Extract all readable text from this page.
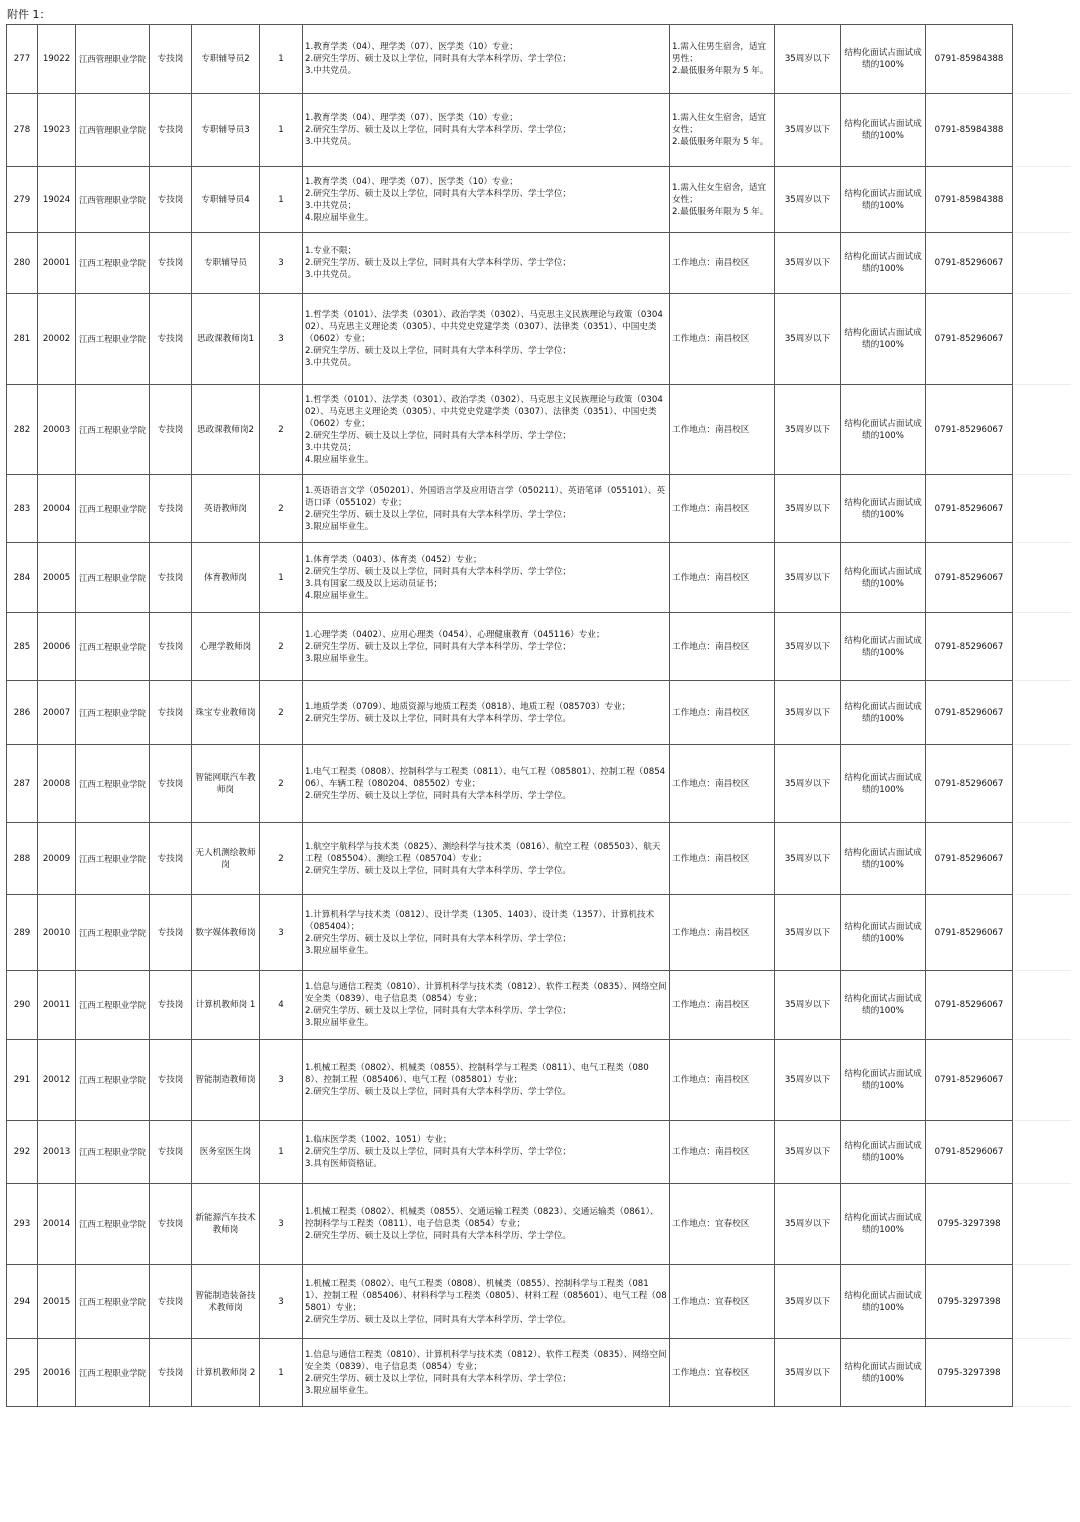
附件 1：
277	19022	江西管理职业学院	专技岗	专职辅导员2	1	1.教育学类（04）、理学类（07）、医学类（10）专业；
2.研究生学历、硕士及以上学位，同时具有大学本科学历、学士学位；
3.中共党员。	1.需入住男生宿舍，适宜男性；
2.最低服务年限为 5 年。	35周岁以下	结构化面试占面试成绩的100%	0791-85984388
278	19023	江西管理职业学院	专技岗	专职辅导员3	1	1.教育学类（04）、理学类（07）、医学类（10）专业；
2.研究生学历、硕士及以上学位，同时具有大学本科学历、学士学位；
3.中共党员。	1.需入住女生宿舍，适宜女性；
2.最低服务年限为 5 年。	35周岁以下	结构化面试占面试成绩的100%	0791-85984388
279	19024	江西管理职业学院	专技岗	专职辅导员4	1	1.教育学类（04）、理学类（07）、医学类（10）专业；
2.研究生学历、硕士及以上学位，同时具有大学本科学历、学士学位；
3.中共党员；
4.限应届毕业生。	1.需入住女生宿舍，适宜女性；
2.最低服务年限为 5 年。	35周岁以下	结构化面试占面试成绩的100%	0791-85984388
280	20001	江西工程职业学院	专技岗	专职辅导员	3	1.专业不限；
2.研究生学历、硕士及以上学位，同时具有大学本科学历、学士学位；
3.中共党员。	工作地点：南昌校区	35周岁以下	结构化面试占面试成绩的100%	0791-85296067
281	20002	江西工程职业学院	专技岗	思政课教师岗1	3	1.哲学类（0101）、法学类（0301）、政治学类（0302）、马克思主义民族理论与政策（030402）、马克思主义理论类（0305）、中共党史党建学类（0307）、法律类（0351）、中国史类（0602）专业；
2.研究生学历、硕士及以上学位，同时具有大学本科学历、学士学位；
3.中共党员。	工作地点：南昌校区	35周岁以下	结构化面试占面试成绩的100%	0791-85296067
282	20003	江西工程职业学院	专技岗	思政课教师岗2	2	1.哲学类（0101）、法学类（0301）、政治学类（0302）、马克思主义民族理论与政策（030402）、马克思主义理论类（0305）、中共党史党建学类（0307）、法律类（0351）、中国史类（0602）专业；
2.研究生学历、硕士及以上学位，同时具有大学本科学历、学士学位；
3.中共党员；
4.限应届毕业生。	工作地点：南昌校区	35周岁以下	结构化面试占面试成绩的100%	0791-85296067
283	20004	江西工程职业学院	专技岗	英语教师岗	2	1.英语语言文学（050201）、外国语言学及应用语言学（050211）、英语笔译（055101）、英语口译（055102）专业；
2.研究生学历、硕士及以上学位，同时具有大学本科学历、学士学位；
3.限应届毕业生。	工作地点：南昌校区	35周岁以下	结构化面试占面试成绩的100%	0791-85296067
284	20005	江西工程职业学院	专技岗	体育教师岗	1	1.体育学类（0403）、体育类（0452）专业；
2.研究生学历、硕士及以上学位，同时具有大学本科学历、学士学位；
3.具有国家二级及以上运动员证书；
4.限应届毕业生。	工作地点：南昌校区	35周岁以下	结构化面试占面试成绩的100%	0791-85296067
285	20006	江西工程职业学院	专技岗	心理学教师岗	2	1.心理学类（0402）、应用心理类（0454）、心理健康教育（045116）专业；
2.研究生学历、硕士及以上学位，同时具有大学本科学历、学士学位；
3.限应届毕业生。	工作地点：南昌校区	35周岁以下	结构化面试占面试成绩的100%	0791-85296067
286	20007	江西工程职业学院	专技岗	珠宝专业教师岗	2	1.地质学类（0709）、地质资源与地质工程类（0818）、地质工程（085703）专业；
2.研究生学历、硕士及以上学位，同时具有大学本科学历、学士学位。	工作地点：南昌校区	35周岁以下	结构化面试占面试成绩的100%	0791-85296067
287	20008	江西工程职业学院	专技岗	智能网联汽车教师岗	2	1.电气工程类（0808）、控制科学与工程类（0811）、电气工程（085801）、控制工程（085406）、车辆工程（080204、085502）专业；
2.研究生学历、硕士及以上学位，同时具有大学本科学历、学士学位。	工作地点：南昌校区	35周岁以下	结构化面试占面试成绩的100%	0791-85296067
288	20009	江西工程职业学院	专技岗	无人机测绘教师岗	2	1.航空宇航科学与技术类（0825）、测绘科学与技术类（0816）、航空工程（085503）、航天工程（085504）、测绘工程（085704）专业；
2.研究生学历、硕士及以上学位，同时具有大学本科学历、学士学位。	工作地点：南昌校区	35周岁以下	结构化面试占面试成绩的100%	0791-85296067
289	20010	江西工程职业学院	专技岗	数字媒体教师岗	3	1.计算机科学与技术类（0812）、设计学类（1305、1403）、设计类（1357）、计算机技术（085404）；
2.研究生学历、硕士及以上学位，同时具有大学本科学历、学士学位；
3.限应届毕业生。	工作地点：南昌校区	35周岁以下	结构化面试占面试成绩的100%	0791-85296067
290	20011	江西工程职业学院	专技岗	计算机教师岗 1	4	1.信息与通信工程类（0810）、计算机科学与技术类（0812）、软件工程类（0835）、网络空间安全类（0839）、电子信息类（0854）专业；
2.研究生学历、硕士及以上学位，同时具有大学本科学历、学士学位；
3.限应届毕业生。	工作地点：南昌校区	35周岁以下	结构化面试占面试成绩的100%	0791-85296067
291	20012	江西工程职业学院	专技岗	智能制造教师岗	3	1.机械工程类（0802）、机械类（0855）、控制科学与工程类（0811）、电气工程类（0808）、控制工程（085406）、电气工程（085801）专业；
2.研究生学历、硕士及以上学位，同时具有大学本科学历、学士学位。	工作地点：南昌校区	35周岁以下	结构化面试占面试成绩的100%	0791-85296067
292	20013	江西工程职业学院	专技岗	医务室医生岗	1	1.临床医学类（1002、1051）专业；
2.研究生学历、硕士及以上学位，同时具有大学本科学历、学士学位；
3.具有医师资格证。	工作地点：南昌校区	35周岁以下	结构化面试占面试成绩的100%	0791-85296067
293	20014	江西工程职业学院	专技岗	新能源汽车技术教师岗	3	1.机械工程类（0802）、机械类（0855）、交通运输工程类（0823）、交通运输类（0861）、控制科学与工程类（0811）、电子信息类（0854）专业；
2.研究生学历、硕士及以上学位，同时具有大学本科学历、学士学位。	工作地点：宜春校区	35周岁以下	结构化面试占面试成绩的100%	0795-3297398
294	20015	江西工程职业学院	专技岗	智能制造装备技术教师岗	3	1.机械工程类（0802）、电气工程类（0808）、机械类（0855）、控制科学与工程类（0811）、控制工程（085406）、材料科学与工程类（0805）、材料工程（085601）、电气工程（085801）专业；
2.研究生学历、硕士及以上学位，同时具有大学本科学历、学士学位。	工作地点：宜春校区	35周岁以下	结构化面试占面试成绩的100%	0795-3297398
295	20016	江西工程职业学院	专技岗	计算机教师岗 2	1	1.信息与通信工程类（0810）、计算机科学与技术类（0812）、软件工程类（0835）、网络空间安全类（0839）、电子信息类（0854）专业；
2.研究生学历、硕士及以上学位，同时具有大学本科学历、学士学位；
3.限应届毕业生。	工作地点：宜春校区	35周岁以下	结构化面试占面试成绩的100%	0795-3297398
